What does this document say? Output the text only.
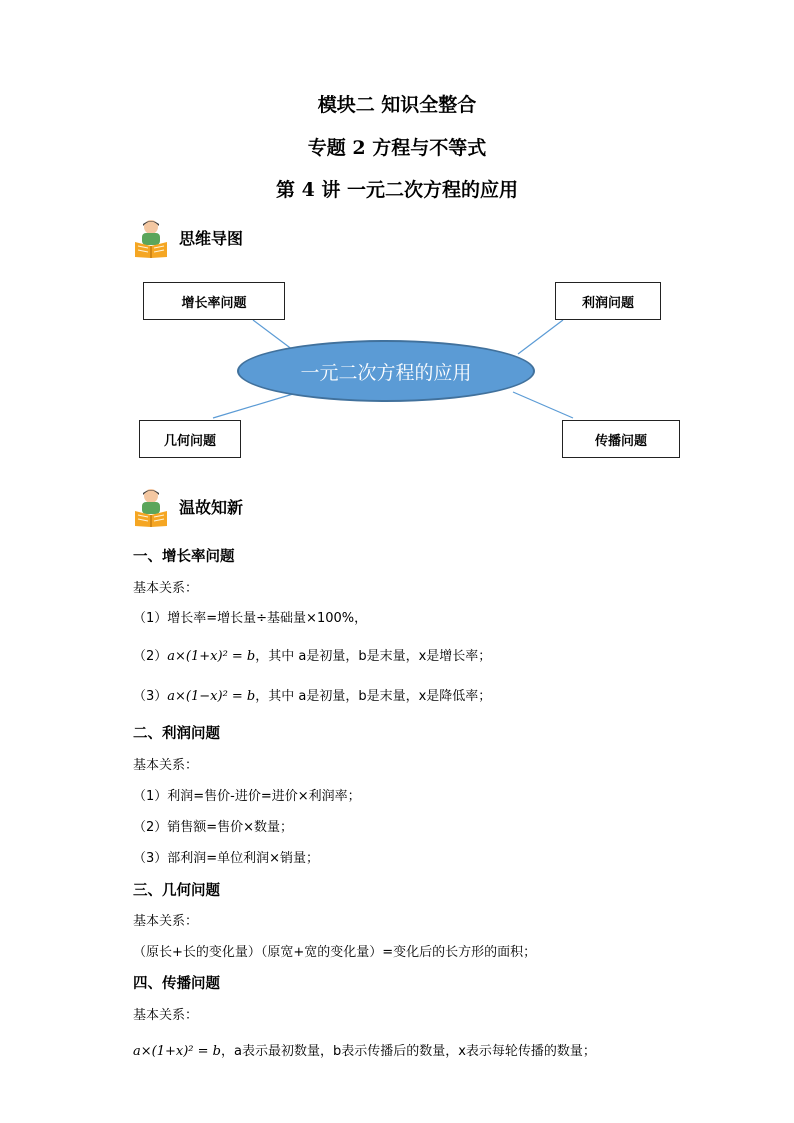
模块二 知识全整合
专题 2 方程与不等式
第 4 讲 一元二次方程的应用
思维导图
增长率问题	利润问题
几何问题	传播问题
一元二次方程的应用
温故知新
一、增长率问题
基本关系：
（1）增长率=增长量÷基础量×100%，
（2）a×(1+x)² = b，其中 a是初量，b是末量，x是增长率；
（3）a×(1−x)² = b，其中 a是初量，b是末量，x是降低率；
二、利润问题
基本关系：
（1）利润=售价-进价=进价×利润率；
（2）销售额=售价×数量；
（3）部利润=单位利润×销量；
三、几何问题
基本关系：
（原长+长的变化量）（原宽+宽的变化量）=变化后的长方形的面积；
四、传播问题
基本关系：
a×(1+x)² = b，a表示最初数量，b表示传播后的数量，x表示每轮传播的数量；
